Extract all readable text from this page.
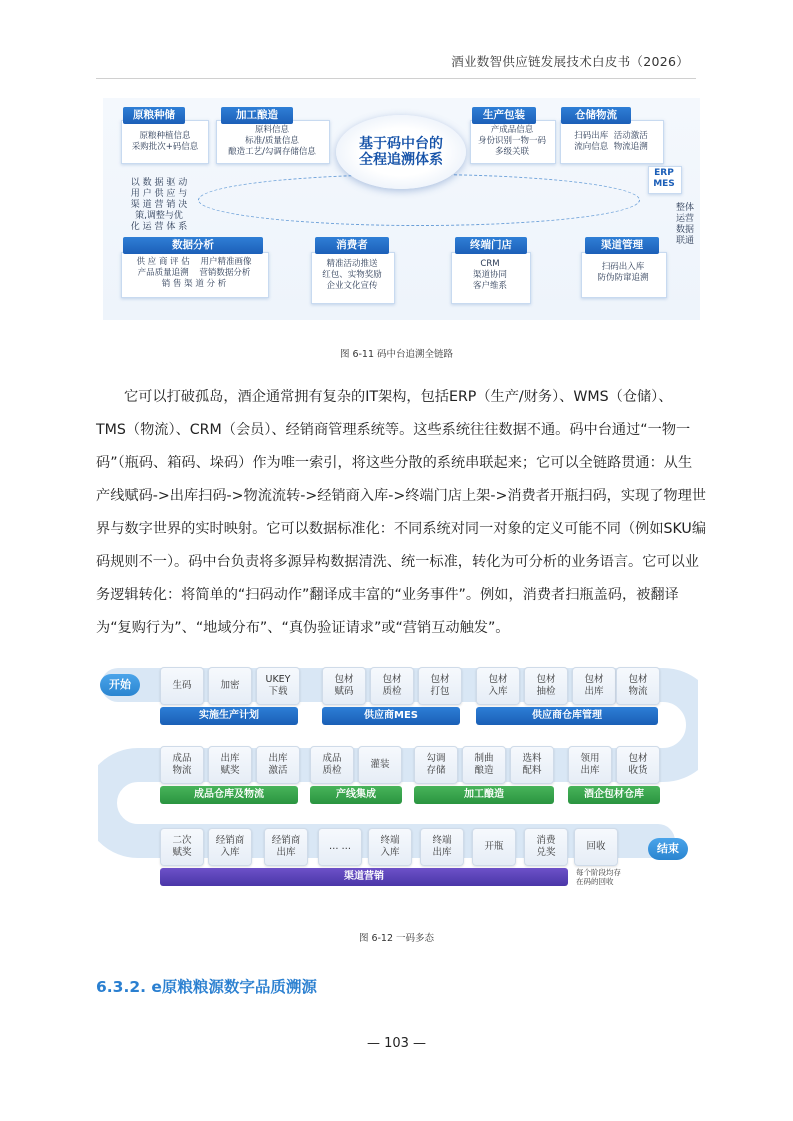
酒业数智供应链发展技术白皮书（2026）
基于码中台的
全程追溯体系
原粮种储
原粮种植信息
采购批次+码信息
加工酿造
原料信息
标准/质量信息
酿造工艺/勾调存储信息
生产包装
产成品信息
身份识别一物一码
多级关联
仓储物流
扫码出库  活动激活
流向信息  物流追溯
以 数 据 驱 动
用 户 供 应 与
渠 道 营 销 决
策,调整与优
化 运 营 体 系
ERP
MES
整体
运营
数据
联通
数据分析
供 应 商 评 估    用户精准画像
产品质量追溯    营销数据分析
销 售 渠 道 分 析
消费者
精准活动推送
红包、实物奖励
企业文化宣传
终端门店
CRM
渠道协同
客户维系
渠道管理
扫码出入库
防伪防窜追溯
图 6-11 码中台追溯全链路
它可以打破孤岛，酒企通常拥有复杂的IT架构，包括ERP（生产/财务）、WMS（仓储）、
TMS（物流）、CRM（会员）、经销商管理系统等。这些系统往往数据不通。码中台通过“一物一
码”（瓶码、箱码、垛码）作为唯一索引，将这些分散的系统串联起来；它可以全链路贯通：从生
产线赋码->出库扫码->物流流转->经销商入库->终端门店上架->消费者开瓶扫码，实现了物理世
界与数字世界的实时映射。它可以数据标准化：不同系统对同一对象的定义可能不同（例如SKU编
码规则不一）。码中台负责将多源异构数据清洗、统一标准，转化为可分析的业务语言。它可以业
务逻辑转化：将简单的“扫码动作”翻译成丰富的“业务事件”。例如，消费者扫瓶盖码，被翻译
为“复购行为”、“地域分布”、“真伪验证请求”或“营销互动触发”。
开始
结束
生码	加密
UKEY
下载
包材
赋码
包材
质检
包材
打包
包材
入库
包材
抽检
包材
出库
包材
物流
实施生产计划	供应商MES	供应商仓库管理
成品
物流
出库
赋奖
出库
激活
成品
质检
灌装
勾调
存储
制曲
酿造
选料
配料
领用
出库
包材
收货
成品仓库及物流	产线集成	加工酿造	酒企包材仓库
二次
赋奖
经销商
入库
经销商
出库
… …
终端
入库
终端
出库
开瓶
消费
兑奖
回收
渠道营销	每个阶段均存
在码的回收
图 6-12 一码多态
6.3.2. e原粮粮源数字品质溯源
— 103 —
